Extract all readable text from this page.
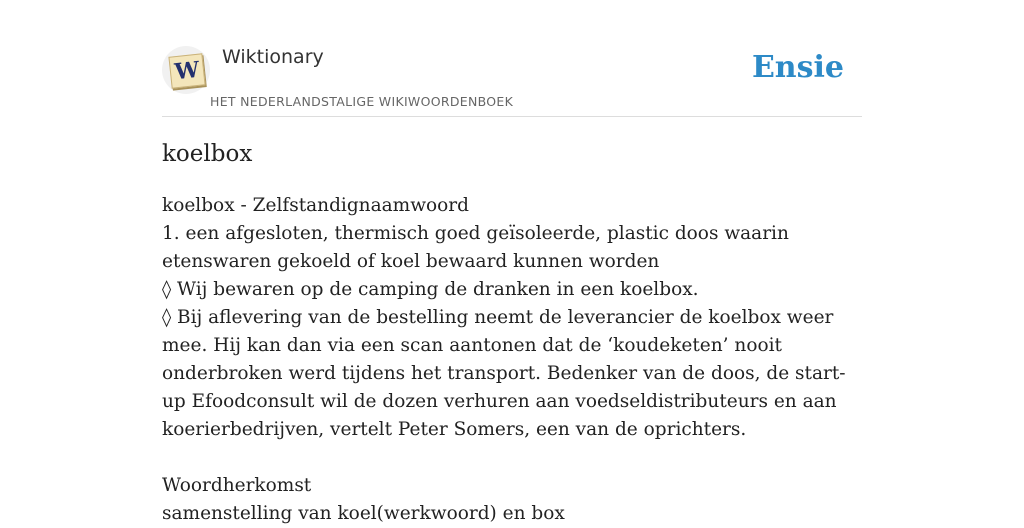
W Wiktionary
HET NEDERLANDSTALIGE WIKIWOORDENBOEK
Ensie
koelbox
koelbox - Zelfstandignaamwoord
1. een afgesloten, thermisch goed geïsoleerde, plastic doos waarin etenswaren gekoeld of koel bewaard kunnen worden
◊ Wij bewaren op de camping de dranken in een koelbox.
◊ Bij aflevering van de bestelling neemt de leverancier de koelbox weer mee. Hij kan dan via een scan aantonen dat de ‘koudeketen’ nooit onderbroken werd tijdens het transport. Bedenker van de doos, de start-up Efoodconsult wil de dozen verhuren aan voedseldistributeurs en aan koerierbedrijven, vertelt Peter Somers, een van de oprichters.
Woordherkomst
samenstelling van koel(werkwoord) en box
